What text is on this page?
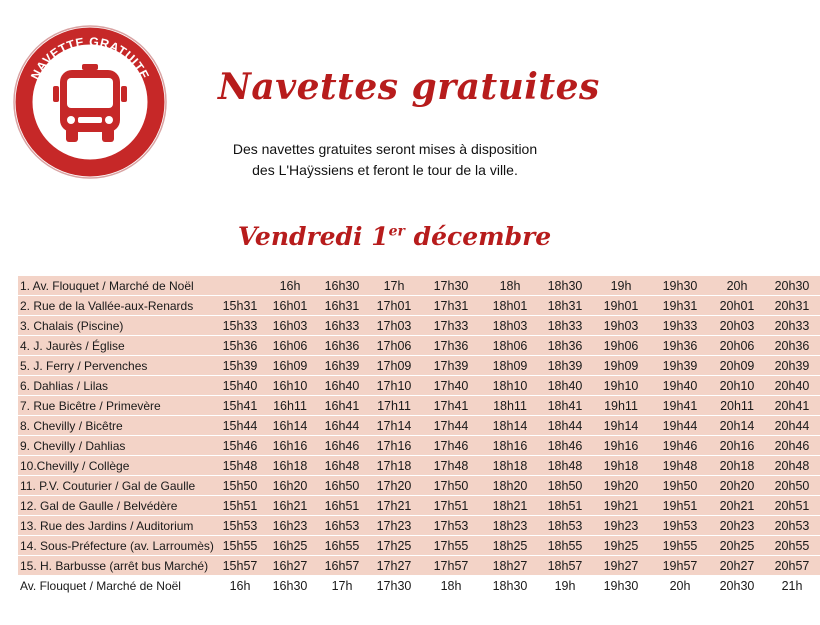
NAVETTE GRATUITE Navettes gratuites
Des navettes gratuites seront mises à disposition
des L'Haÿssiens et feront le tour de la ville.
Vendredi 1er décembre
1. Av. Flouquet / Marché de Noël		16h	16h30	17h	17h30	18h	18h30	19h	19h30	20h	20h30
2. Rue de la Vallée-aux-Renards	15h31	16h01	16h31	17h01	17h31	18h01	18h31	19h01	19h31	20h01	20h31
3. Chalais (Piscine)	15h33	16h03	16h33	17h03	17h33	18h03	18h33	19h03	19h33	20h03	20h33
4. J. Jaurès / Église	15h36	16h06	16h36	17h06	17h36	18h06	18h36	19h06	19h36	20h06	20h36
5. J. Ferry / Pervenches	15h39	16h09	16h39	17h09	17h39	18h09	18h39	19h09	19h39	20h09	20h39
6. Dahlias / Lilas	15h40	16h10	16h40	17h10	17h40	18h10	18h40	19h10	19h40	20h10	20h40
7. Rue Bicêtre / Primevère	15h41	16h11	16h41	17h11	17h41	18h11	18h41	19h11	19h41	20h11	20h41
8. Chevilly / Bicêtre	15h44	16h14	16h44	17h14	17h44	18h14	18h44	19h14	19h44	20h14	20h44
9. Chevilly / Dahlias	15h46	16h16	16h46	17h16	17h46	18h16	18h46	19h16	19h46	20h16	20h46
10.Chevilly / Collège	15h48	16h18	16h48	17h18	17h48	18h18	18h48	19h18	19h48	20h18	20h48
11. P.V. Couturier / Gal de Gaulle	15h50	16h20	16h50	17h20	17h50	18h20	18h50	19h20	19h50	20h20	20h50
12. Gal de Gaulle / Belvédère	15h51	16h21	16h51	17h21	17h51	18h21	18h51	19h21	19h51	20h21	20h51
13. Rue des Jardins / Auditorium	15h53	16h23	16h53	17h23	17h53	18h23	18h53	19h23	19h53	20h23	20h53
14. Sous-Préfecture (av. Larroumès)	15h55	16h25	16h55	17h25	17h55	18h25	18h55	19h25	19h55	20h25	20h55
15. H. Barbusse (arrêt bus Marché)	15h57	16h27	16h57	17h27	17h57	18h27	18h57	19h27	19h57	20h27	20h57
Av. Flouquet / Marché de Noël	16h	16h30	17h	17h30	18h	18h30	19h	19h30	20h	20h30	21h
